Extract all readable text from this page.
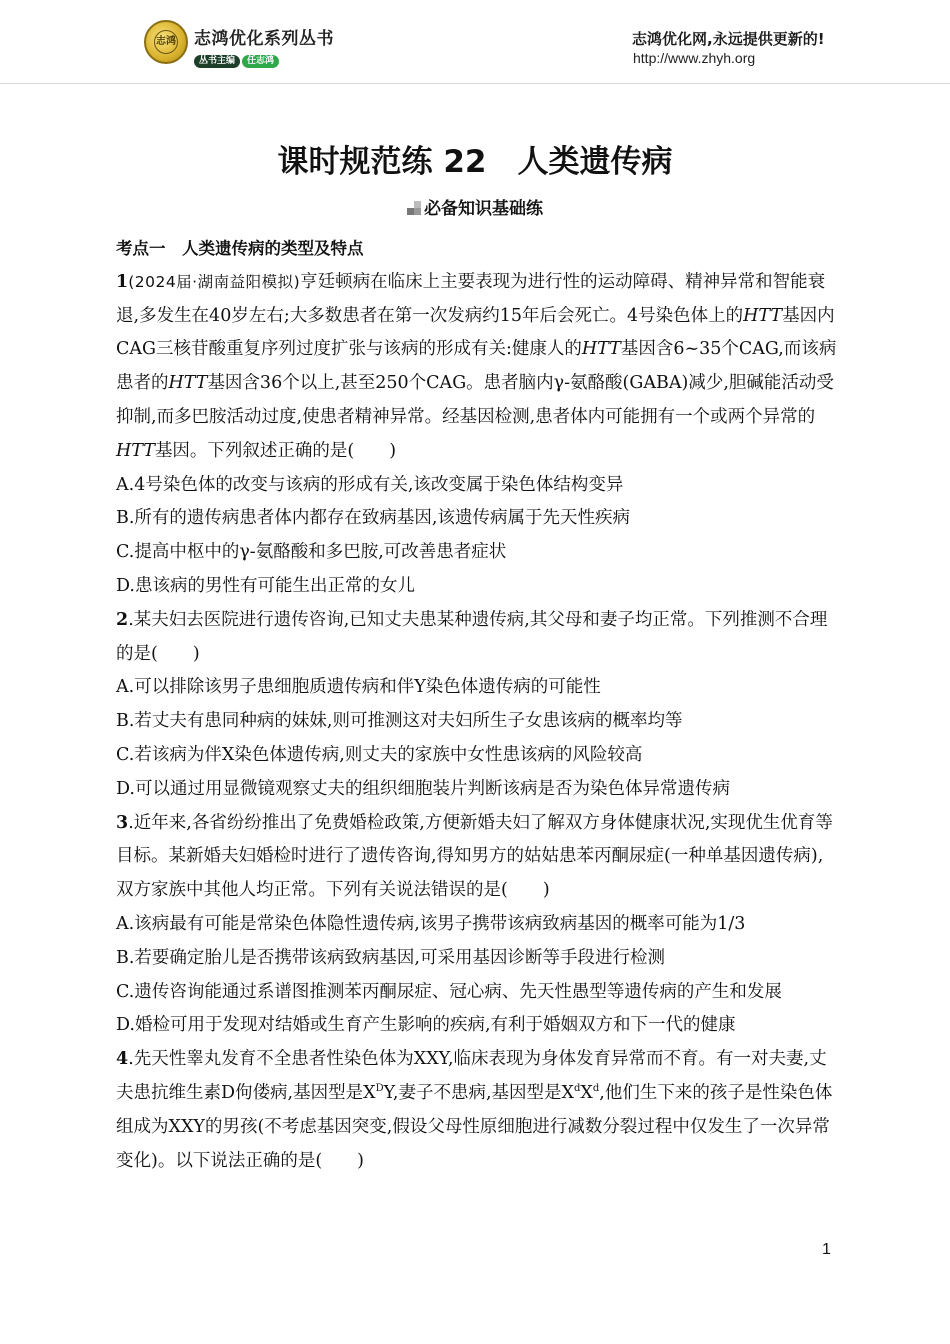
志鸿 志鸿优化系列丛书
丛书主编 任志鸿
志鸿优化网,永远提供更新的!
http://www.zhyh.org
课时规范练 22　人类遗传病
必备知识基础练

考点一　人类遗传病的类型及特点

1(2024届·湖南益阳模拟)亨廷顿病在临床上主要表现为进行性的运动障碍、精神异常和智能衰退,多发生在40岁左右;大多数患者在第一次发病约15年后会死亡。4号染色体上的HTT基因内CAG三核苷酸重复序列过度扩张与该病的形成有关:健康人的HTT基因含6~35个CAG,而该病患者的HTT基因含36个以上,甚至250个CAG。患者脑内γ-氨酪酸(GABA)减少,胆碱能活动受抑制,而多巴胺活动过度,使患者精神异常。经基因检测,患者体内可能拥有一个或两个异常的HTT基因。下列叙述正确的是(　　)

A.4号染色体的改变与该病的形成有关,该改变属于染色体结构变异

B.所有的遗传病患者体内都存在致病基因,该遗传病属于先天性疾病

C.提高中枢中的γ-氨酪酸和多巴胺,可改善患者症状

D.患该病的男性有可能生出正常的女儿

2.某夫妇去医院进行遗传咨询,已知丈夫患某种遗传病,其父母和妻子均正常。下列推测不合理的是(　　)

A.可以排除该男子患细胞质遗传病和伴Y染色体遗传病的可能性

B.若丈夫有患同种病的妹妹,则可推测这对夫妇所生子女患该病的概率均等

C.若该病为伴X染色体遗传病,则丈夫的家族中女性患该病的风险较高

D.可以通过用显微镜观察丈夫的组织细胞装片判断该病是否为染色体异常遗传病

3.近年来,各省纷纷推出了免费婚检政策,方便新婚夫妇了解双方身体健康状况,实现优生优育等目标。某新婚夫妇婚检时进行了遗传咨询,得知男方的姑姑患苯丙酮尿症(一种单基因遗传病),双方家族中其他人均正常。下列有关说法错误的是(　　)

A.该病最有可能是常染色体隐性遗传病,该男子携带该病致病基因的概率可能为1/3

B.若要确定胎儿是否携带该病致病基因,可采用基因诊断等手段进行检测

C.遗传咨询能通过系谱图推测苯丙酮尿症、冠心病、先天性愚型等遗传病的产生和发展

D.婚检可用于发现对结婚或生育产生影响的疾病,有利于婚姻双方和下一代的健康

4.先天性睾丸发育不全患者性染色体为XXY,临床表现为身体发育异常而不育。有一对夫妻,丈夫患抗维生素D佝偻病,基因型是$X^DY$,妻子不患病,基因型是$X^dX^d$,他们生下来的孩子是性染色体组成为XXY的男孩(不考虑基因突变,假设父母性原细胞进行减数分裂过程中仅发生了一次异常变化)。以下说法正确的是(　　)

1
